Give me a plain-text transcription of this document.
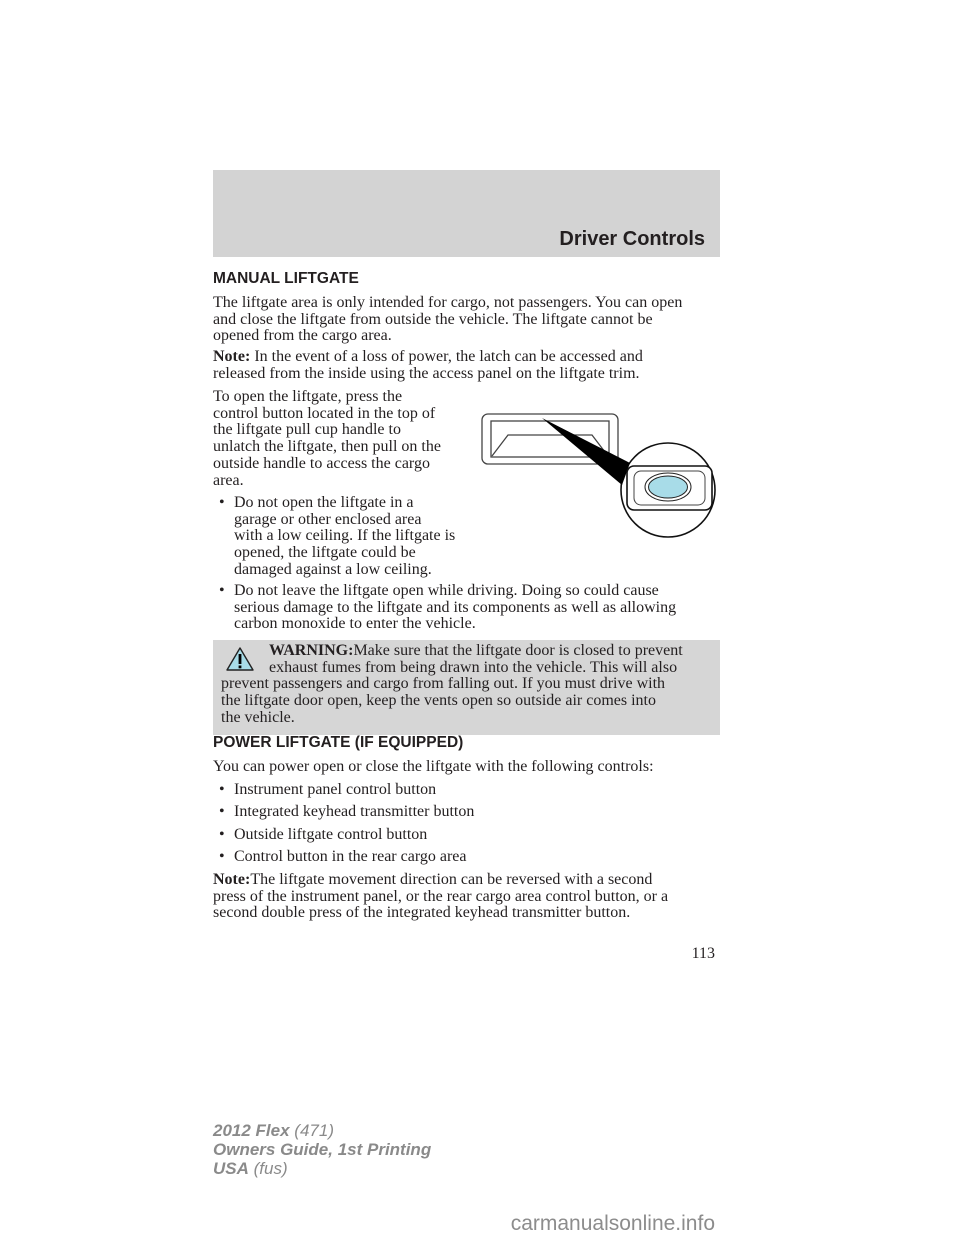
Driver Controls
MANUAL LIFTGATE
The liftgate area is only intended for cargo, not passengers. You can open
and close the liftgate from outside the vehicle. The liftgate cannot be
opened from the cargo area.
Note: In the event of a loss of power, the latch can be accessed and
released from the inside using the access panel on the liftgate trim.
To open the liftgate, press the
control button located in the top of
the liftgate pull cup handle to
unlatch the liftgate, then pull on the
outside handle to access the cargo
area.
• Do not open the liftgate in a
garage or other enclosed area
with a low ceiling. If the liftgate is
opened, the liftgate could be
damaged against a low ceiling.
• Do not leave the liftgate open while driving. Doing so could cause
serious damage to the liftgate and its components as well as allowing
carbon monoxide to enter the vehicle.
WARNING:Make sure that the liftgate door is closed to prevent
exhaust fumes from being drawn into the vehicle. This will also
prevent passengers and cargo from falling out. If you must drive with
the liftgate door open, keep the vents open so outside air comes into
the vehicle.
POWER LIFTGATE (IF EQUIPPED)
You can power open or close the liftgate with the following controls:
• Instrument panel control button
• Integrated keyhead transmitter button
• Outside liftgate control button
• Control button in the rear cargo area
Note:The liftgate movement direction can be reversed with a second
press of the instrument panel, or the rear cargo area control button, or a
second double press of the integrated keyhead transmitter button.
113
2012 Flex (471)
Owners Guide, 1st Printing
USA (fus)
carmanualsonline.info
